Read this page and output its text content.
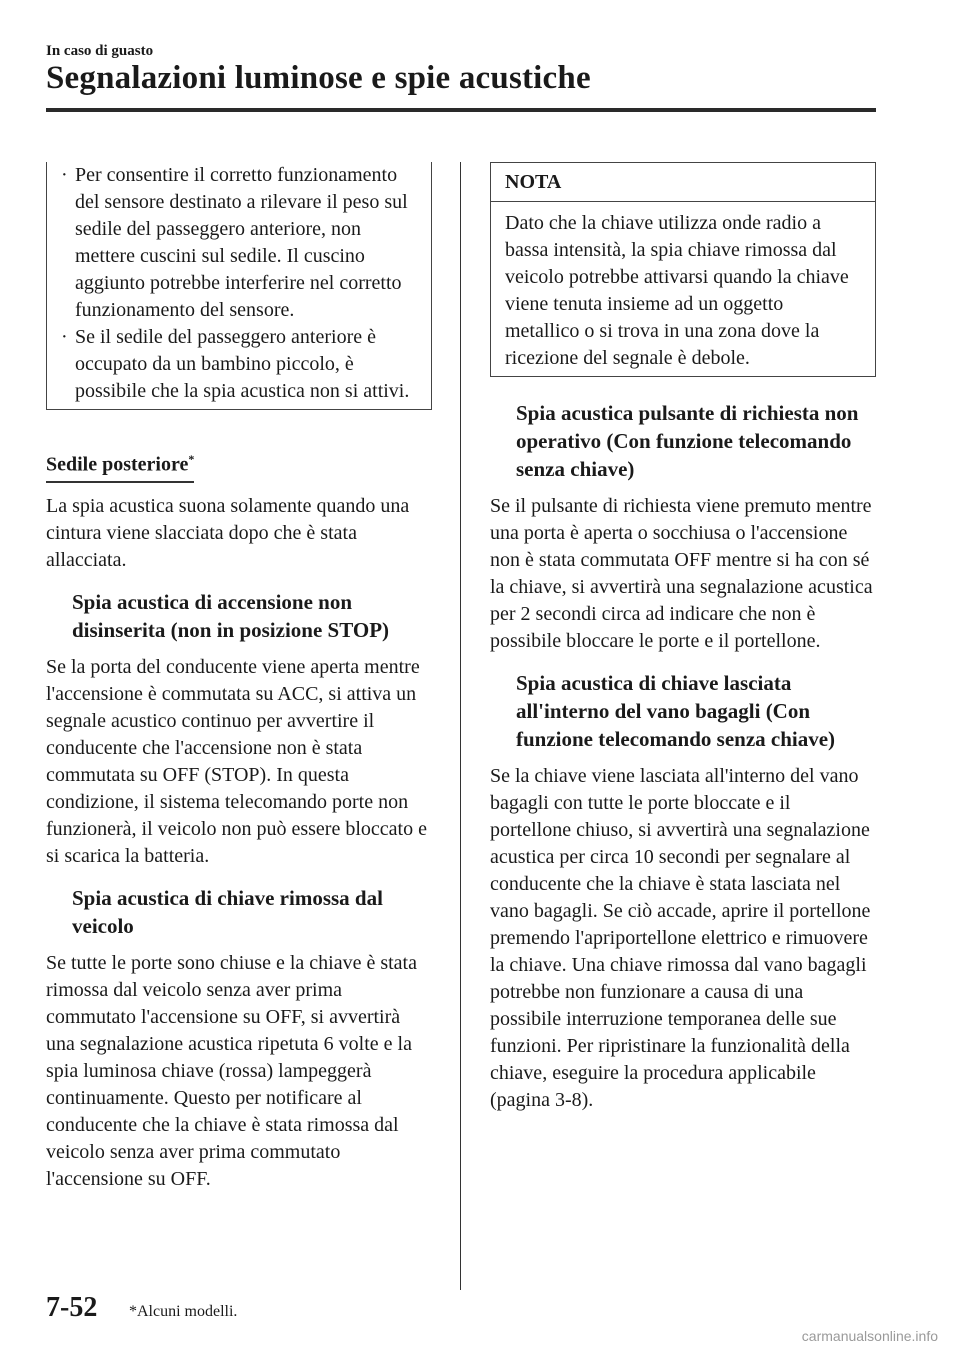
In caso di guasto
Segnalazioni luminose e spie acustiche

· Per consentire il corretto funzionamento del sensore destinato a rilevare il peso sul sedile del passeggero anteriore, non mettere cuscini sul sedile. Il cuscino aggiunto potrebbe interferire nel corretto funzionamento del sensore.

· Se il sedile del passeggero anteriore è occupato da un bambino piccolo, è possibile che la spia acustica non si attivi.

Sedile posteriore*

La spia acustica suona solamente quando una cintura viene slacciata dopo che è stata allacciata.

Spia acustica di accensione non disinserita (non in posizione STOP)

Se la porta del conducente viene aperta mentre l'accensione è commutata su ACC, si attiva un segnale acustico continuo per avvertire il conducente che l'accensione non è stata commutata su OFF (STOP). In questa condizione, il sistema telecomando porte non funzionerà, il veicolo non può essere bloccato e si scarica la batteria.

Spia acustica di chiave rimossa dal veicolo

Se tutte le porte sono chiuse e la chiave è stata rimossa dal veicolo senza aver prima commutato l'accensione su OFF, si avvertirà una segnalazione acustica ripetuta 6 volte e la spia luminosa chiave (rossa) lampeggerà continuamente. Questo per notificare al conducente che la chiave è stata rimossa dal veicolo senza aver prima commutato l'accensione su OFF.

NOTA

Dato che la chiave utilizza onde radio a bassa intensità, la spia chiave rimossa dal veicolo potrebbe attivarsi quando la chiave viene tenuta insieme ad un oggetto metallico o si trova in una zona dove la ricezione del segnale è debole.

Spia acustica pulsante di richiesta non operativo (Con funzione telecomando senza chiave)

Se il pulsante di richiesta viene premuto mentre una porta è aperta o socchiusa o l'accensione non è stata commutata OFF mentre si ha con sé la chiave, si avvertirà una segnalazione acustica per 2 secondi circa ad indicare che non è possibile bloccare le porte e il portellone.

Spia acustica di chiave lasciata all'interno del vano bagagli (Con funzione telecomando senza chiave)

Se la chiave viene lasciata all'interno del vano bagagli con tutte le porte bloccate e il portellone chiuso, si avvertirà una segnalazione acustica per circa 10 secondi per segnalare al conducente che la chiave è stata lasciata nel vano bagagli. Se ciò accade, aprire il portellone premendo l'apriportellone elettrico e rimuovere la chiave. Una chiave rimossa dal vano bagagli potrebbe non funzionare a causa di una possibile interruzione temporanea delle sue funzioni. Per ripristinare la funzionalità della chiave, eseguire la procedura applicabile (pagina 3-8).

7-52 *Alcuni modelli.
carmanualsonline.info
